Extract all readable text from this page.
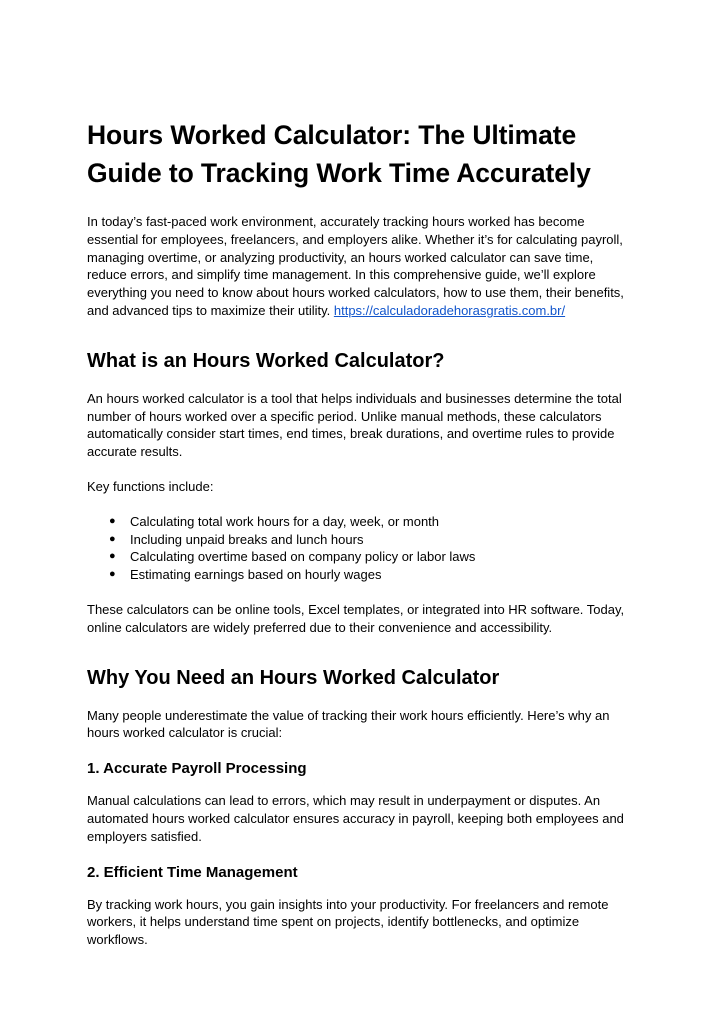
Hours Worked Calculator: The Ultimate Guide to Tracking Work Time Accurately

In today’s fast-paced work environment, accurately tracking hours worked has become essential for employees, freelancers, and employers alike. Whether it’s for calculating payroll, managing overtime, or analyzing productivity, an hours worked calculator can save time, reduce errors, and simplify time management. In this comprehensive guide, we’ll explore everything you need to know about hours worked calculators, how to use them, their benefits, and advanced tips to maximize their utility. https://calculadoradehorasgratis.com.br/

What is an Hours Worked Calculator?

An hours worked calculator is a tool that helps individuals and businesses determine the total number of hours worked over a specific period. Unlike manual methods, these calculators automatically consider start times, end times, break durations, and overtime rules to provide accurate results.

Key functions include:

● Calculating total work hours for a day, week, or month
● Including unpaid breaks and lunch hours
● Calculating overtime based on company policy or labor laws
● Estimating earnings based on hourly wages

These calculators can be online tools, Excel templates, or integrated into HR software. Today, online calculators are widely preferred due to their convenience and accessibility.

Why You Need an Hours Worked Calculator

Many people underestimate the value of tracking their work hours efficiently. Here’s why an hours worked calculator is crucial:

1. Accurate Payroll Processing

Manual calculations can lead to errors, which may result in underpayment or disputes. An automated hours worked calculator ensures accuracy in payroll, keeping both employees and employers satisfied.

2. Efficient Time Management

By tracking work hours, you gain insights into your productivity. For freelancers and remote workers, it helps understand time spent on projects, identify bottlenecks, and optimize workflows.
